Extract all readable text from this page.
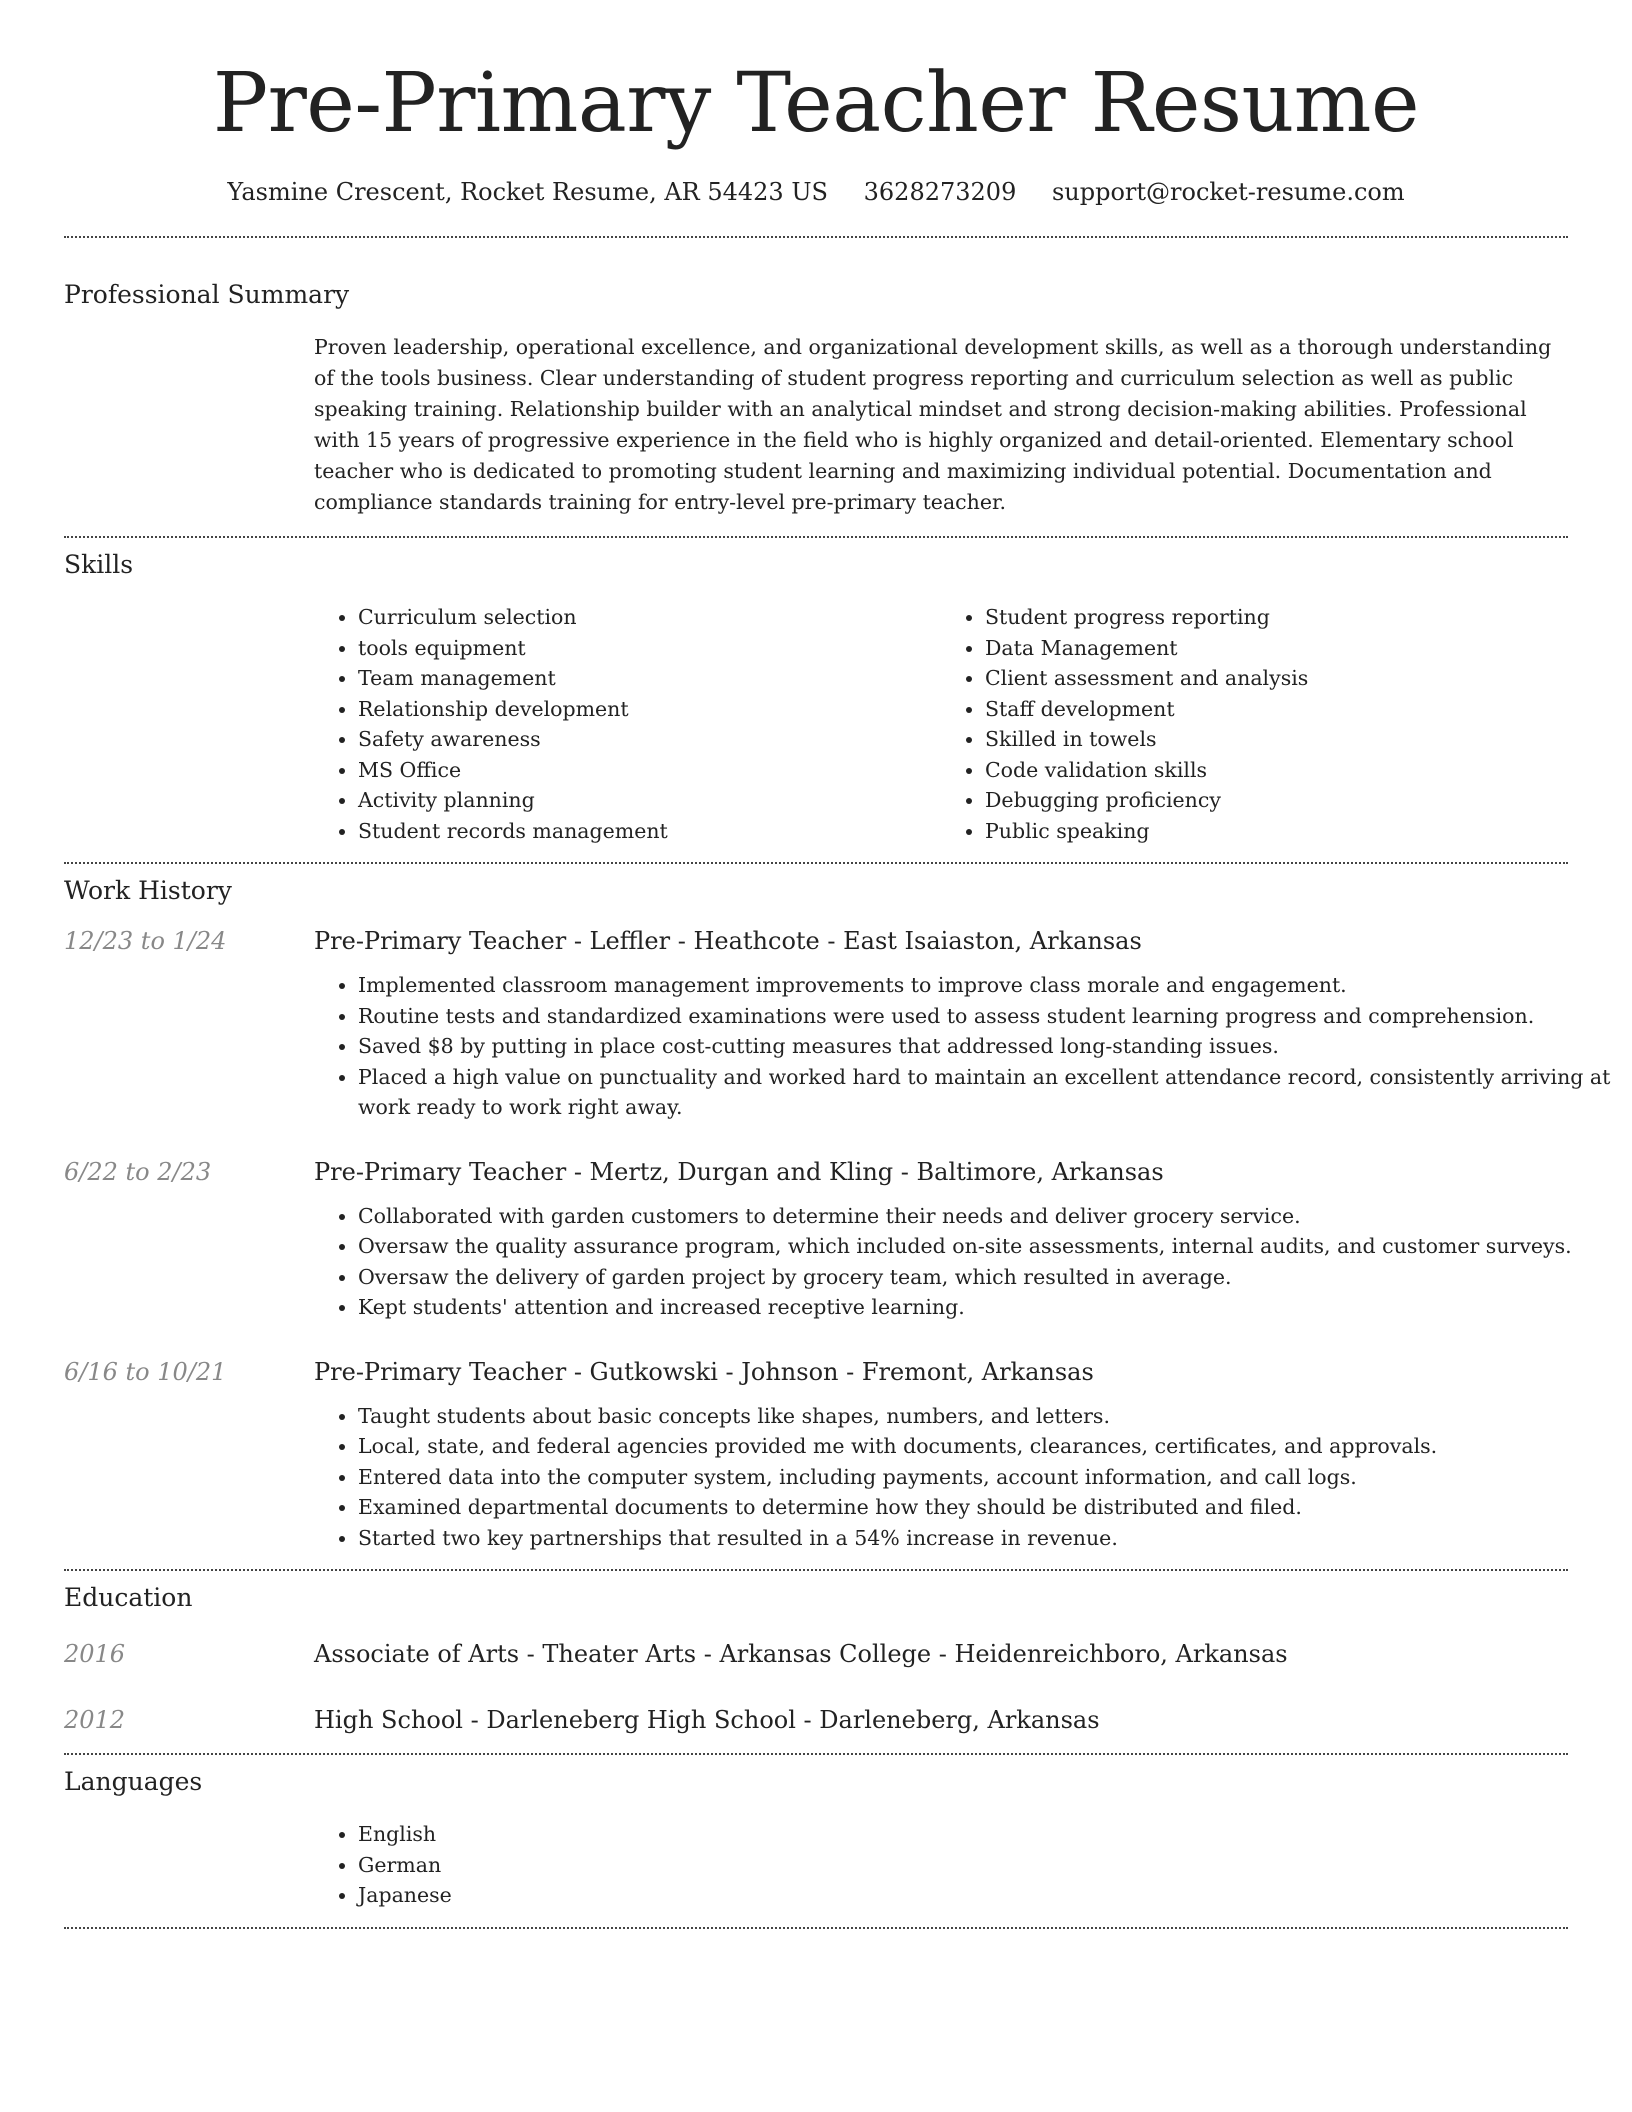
Pre-Primary Teacher Resume
Yasmine Crescent, Rocket Resume, AR 54423 US 3628273209 support@rocket-resume.com
Professional Summary
Proven leadership, operational excellence, and organizational development skills, as well as a thorough understanding of the tools business. Clear understanding of student progress reporting and curriculum selection as well as public speaking training. Relationship builder with an analytical mindset and strong decision-making abilities. Professional with 15 years of progressive experience in the field who is highly organized and detail-oriented. Elementary school teacher who is dedicated to promoting student learning and maximizing individual potential. Documentation and compliance standards training for entry-level pre-primary teacher.
Skills
• Curriculum selection
• tools equipment
• Team management
• Relationship development
• Safety awareness
• MS Office
• Activity planning
• Student records management
• Student progress reporting
• Data Management
• Client assessment and analysis
• Staff development
• Skilled in towels
• Code validation skills
• Debugging proficiency
• Public speaking
Work History
12/23 to 1/24	Pre-Primary Teacher - Leffler - Heathcote - East Isaiaston, Arkansas
• Implemented classroom management improvements to improve class morale and engagement.
• Routine tests and standardized examinations were used to assess student learning progress and comprehension.
• Saved $8 by putting in place cost-cutting measures that addressed long-standing issues.
• Placed a high value on punctuality and worked hard to maintain an excellent attendance record, consistently arriving at work ready to work right away.
6/22 to 2/23	Pre-Primary Teacher - Mertz, Durgan and Kling - Baltimore, Arkansas
• Collaborated with garden customers to determine their needs and deliver grocery service.
• Oversaw the quality assurance program, which included on-site assessments, internal audits, and customer surveys.
• Oversaw the delivery of garden project by grocery team, which resulted in average.
• Kept students' attention and increased receptive learning.
6/16 to 10/21	Pre-Primary Teacher - Gutkowski - Johnson - Fremont, Arkansas
• Taught students about basic concepts like shapes, numbers, and letters.
• Local, state, and federal agencies provided me with documents, clearances, certificates, and approvals.
• Entered data into the computer system, including payments, account information, and call logs.
• Examined departmental documents to determine how they should be distributed and filed.
• Started two key partnerships that resulted in a 54% increase in revenue.
Education
2016	Associate of Arts - Theater Arts - Arkansas College - Heidenreichboro, Arkansas
2012	High School - Darleneberg High School - Darleneberg, Arkansas
Languages
• English
• German
• Japanese
